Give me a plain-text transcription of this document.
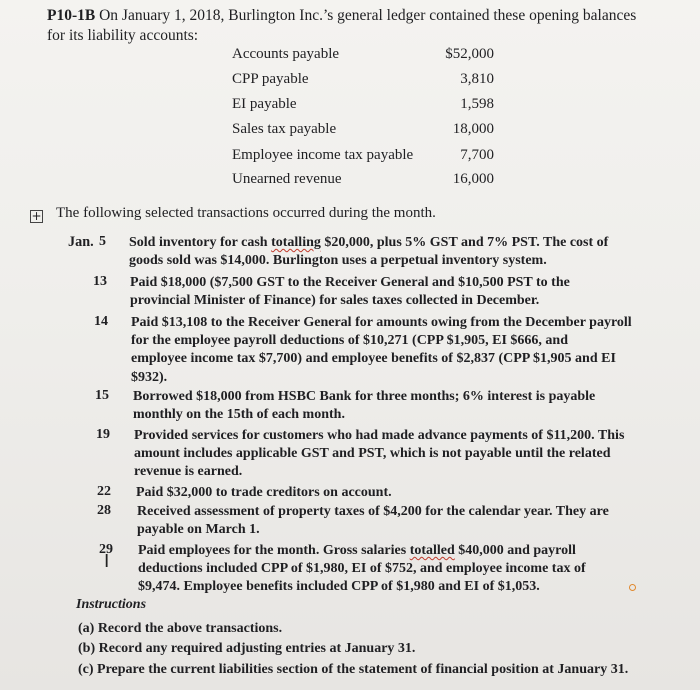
P10-1B On January 1, 2018, Burlington Inc.’s general ledger contained these opening balances
for its liability accounts:
Accounts payable	$52,000
CPP payable	3,810
EI payable	1,598
Sales tax payable	18,000
Employee income tax payable	7,700
Unearned revenue	16,000
+ The following selected transactions occurred during the month.
Jan. 5 Sold inventory for cash totalling $20,000, plus 5% GST and 7% PST. The cost of
goods sold was $14,000. Burlington uses a perpetual inventory system.
13 Paid $18,000 ($7,500 GST to the Receiver General and $10,500 PST to the
provincial Minister of Finance) for sales taxes collected in December.
14 Paid $13,108 to the Receiver General for amounts owing from the December payroll
for the employee payroll deductions of $10,271 (CPP $1,905, EI $666, and
employee income tax $7,700) and employee benefits of $2,837 (CPP $1,905 and EI
$932).
15 Borrowed $18,000 from HSBC Bank for three months; 6% interest is payable
monthly on the 15th of each month.
19 Provided services for customers who had made advance payments of $11,200. This
amount includes applicable GST and PST, which is not payable until the related
revenue is earned.
22 Paid $32,000 to trade creditors on account.
28 Received assessment of property taxes of $4,200 for the calendar year. They are
payable on March 1.
29 Paid employees for the month. Gross salaries totalled $40,000 and payroll
deductions included CPP of $1,980, EI of $752, and employee income tax of
$9,474. Employee benefits included CPP of $1,980 and EI of $1,053.
I
Instructions
(a) Record the above transactions.
(b) Record any required adjusting entries at January 31.
(c) Prepare the current liabilities section of the statement of financial position at January 31.
